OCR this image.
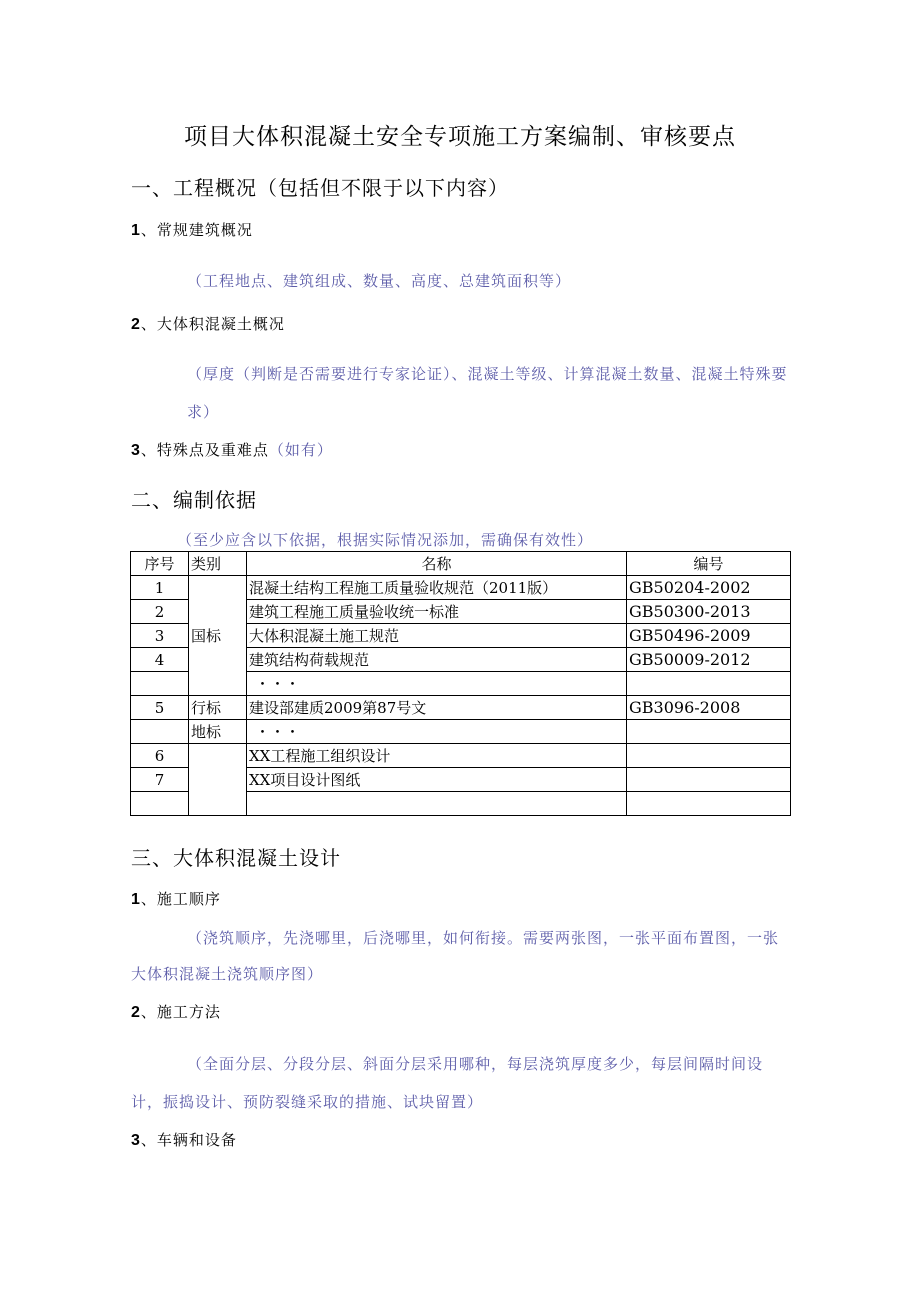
项目大体积混凝土安全专项施工方案编制、审核要点
一、工程概况（包括但不限于以下内容）
1、常规建筑概况
（工程地点、建筑组成、数量、高度、总建筑面积等）
2、大体积混凝土概况
（厚度（判断是否需要进行专家论证）、混凝土等级、计算混凝土数量、混凝土特殊要求）
3、特殊点及重难点（如有）
二、编制依据
（至少应含以下依据，根据实际情况添加，需确保有效性）
序号	类别	名称	编号
1	国标	混凝土结构工程施工质量验收规范（2011版）	GB50204-2002
2		建筑工程施工质量验收统一标准	GB50300-2013
3		大体积混凝土施工规范	GB50496-2009
4		建筑结构荷载规范	GB50009-2012
		・・・	
5	行标	建设部建质2009第87号文	GB3096-2008
	地标	・・・	
6		XX工程施工组织设计	
7		XX项目设计图纸	

三、大体积混凝土设计
1、施工顺序
（浇筑顺序，先浇哪里，后浇哪里，如何衔接。需要两张图，一张平面布置图，一张大体积混凝土浇筑顺序图）
2、施工方法
（全面分层、分段分层、斜面分层采用哪种，每层浇筑厚度多少，每层间隔时间设计，振捣设计、预防裂缝采取的措施、试块留置）
3、车辆和设备
